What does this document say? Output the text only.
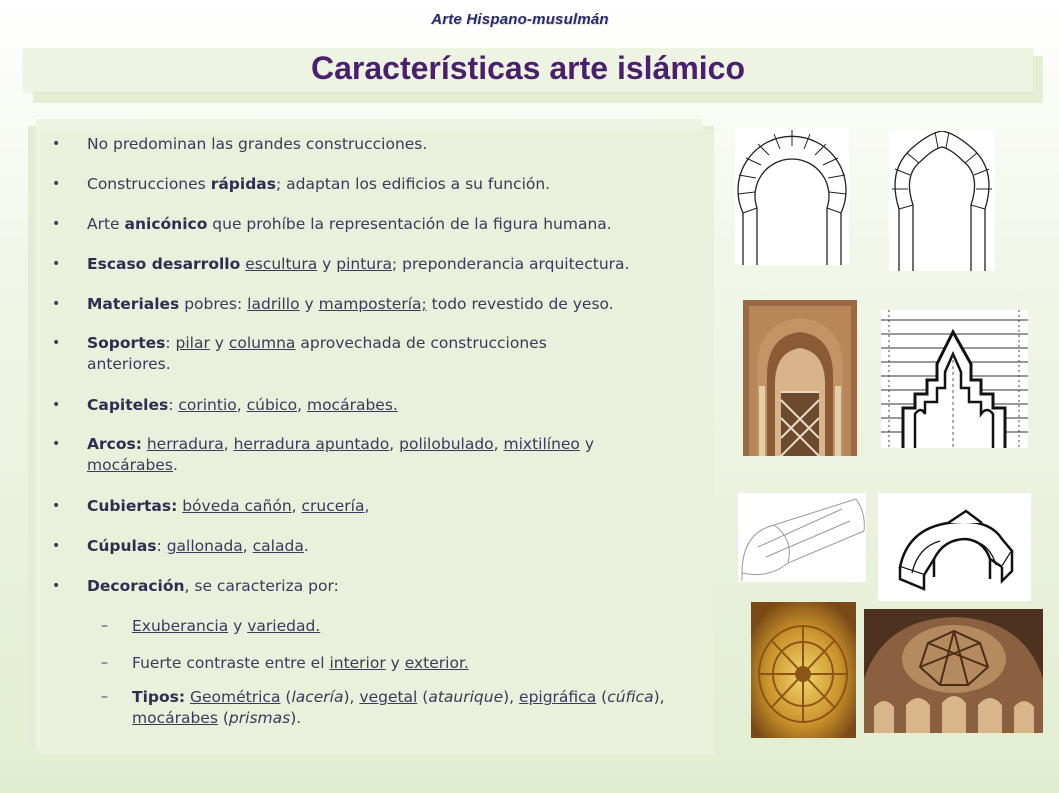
Arte Hispano-musulmán
Características arte islámico
• No predominan las grandes construcciones.
• Construcciones rápidas; adaptan los edificios a su función.
• Arte anicónico que prohíbe la representación de la figura humana.
• Escaso desarrollo escultura y pintura; preponderancia arquitectura.
• Materiales pobres: ladrillo y mampostería; todo revestido de yeso.
• Soportes: pilar y columna aprovechada de construcciones anteriores.
• Capiteles: corintio, cúbico, mocárabes.
• Arcos: herradura, herradura apuntado, polilobulado, mixtilíneo y mocárabes.
• Cubiertas: bóveda cañón, crucería,
• Cúpulas: gallonada, calada.
• Decoración, se caracteriza por:
– Exuberancia y variedad.
– Fuerte contraste entre el interior y exterior.
– Tipos: Geométrica (lacería), vegetal (ataurique), epigráfica (cúfica), mocárabes (prismas).
